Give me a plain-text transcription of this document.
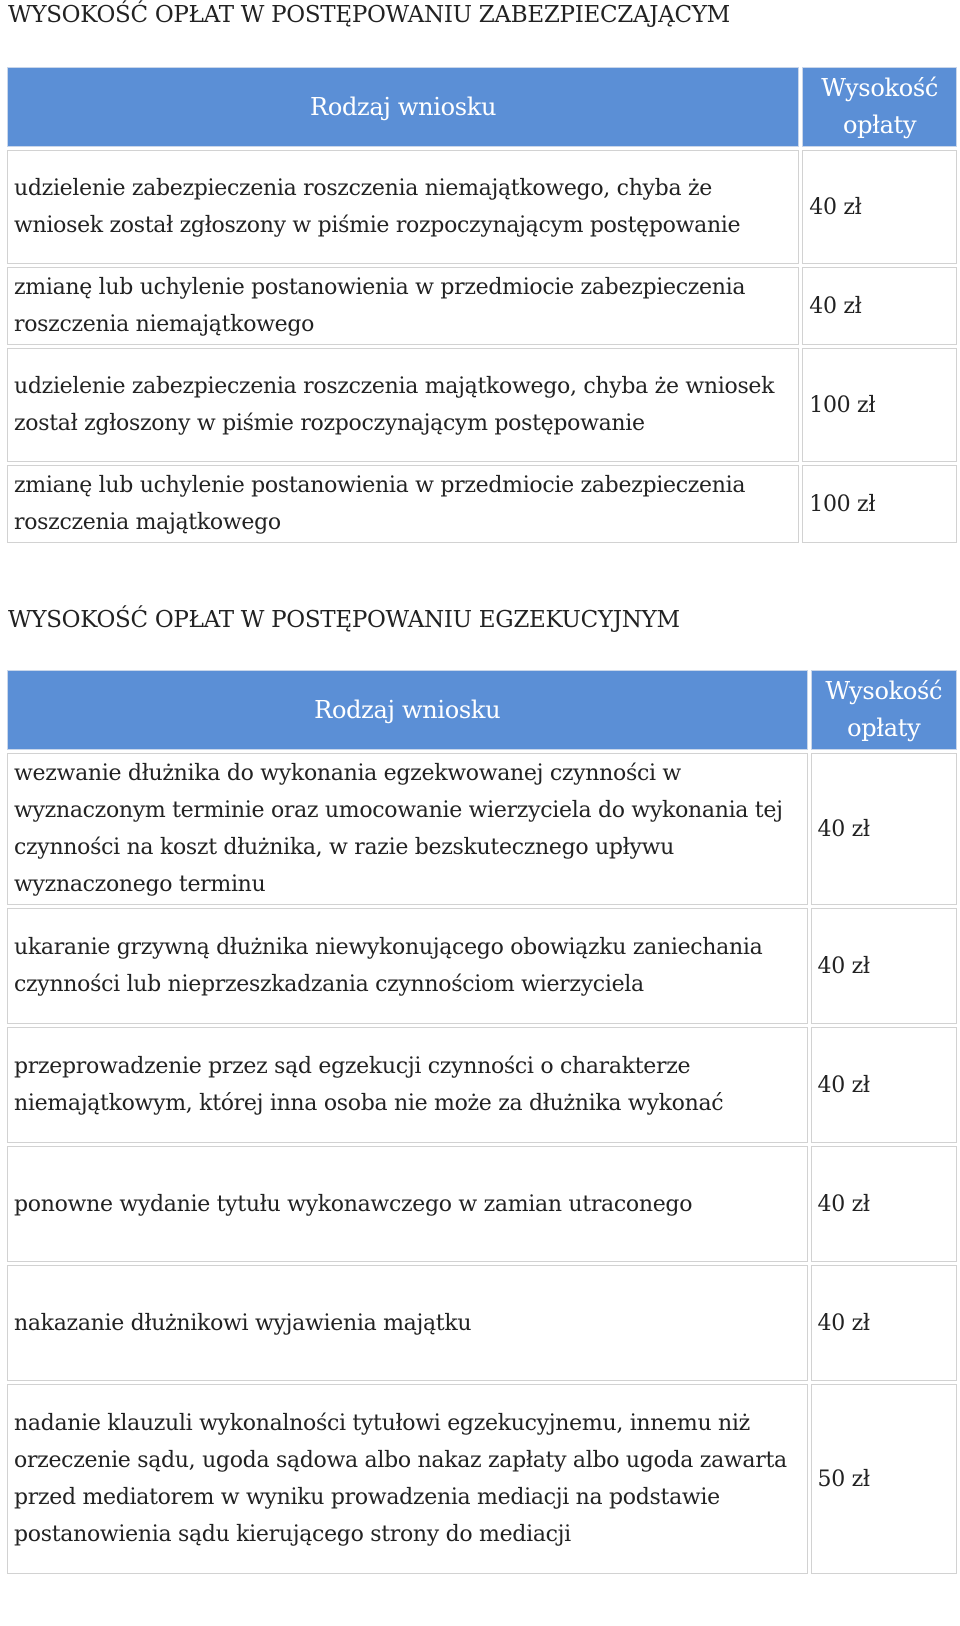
WYSOKOŚĆ OPŁAT W POSTĘPOWANIU ZABEZPIECZAJĄCYM
Rodzaj wniosku	Wysokość opłaty
udzielenie zabezpieczenia roszczenia niemajątkowego, chyba że wniosek został zgłoszony w piśmie rozpoczynającym postępowanie	40 zł
zmianę lub uchylenie postanowienia w przedmiocie zabezpieczenia roszczenia niemajątkowego	40 zł
udzielenie zabezpieczenia roszczenia majątkowego, chyba że wniosek został zgłoszony w piśmie rozpoczynającym postępowanie	100 zł
zmianę lub uchylenie postanowienia w przedmiocie zabezpieczenia roszczenia majątkowego	100 zł
WYSOKOŚĆ OPŁAT W POSTĘPOWANIU EGZEKUCYJNYM
Rodzaj wniosku	Wysokość opłaty
wezwanie dłużnika do wykonania egzekwowanej czynności w wyznaczonym terminie oraz umocowanie wierzyciela do wykonania tej czynności na koszt dłużnika, w razie bezskutecznego upływu wyznaczonego terminu	40 zł
ukaranie grzywną dłużnika niewykonującego obowiązku zaniechania czynności lub nieprzeszkadzania czynnościom wierzyciela	40 zł
przeprowadzenie przez sąd egzekucji czynności o charakterze niemajątkowym, której inna osoba nie może za dłużnika wykonać	40 zł
ponowne wydanie tytułu wykonawczego w zamian utraconego	40 zł
nakazanie dłużnikowi wyjawienia majątku	40 zł
nadanie klauzuli wykonalności tytułowi egzekucyjnemu, innemu niż orzeczenie sądu, ugoda sądowa albo nakaz zapłaty albo ugoda zawarta przed mediatorem w wyniku prowadzenia mediacji na podstawie postanowienia sądu kierującego strony do mediacji	50 zł
